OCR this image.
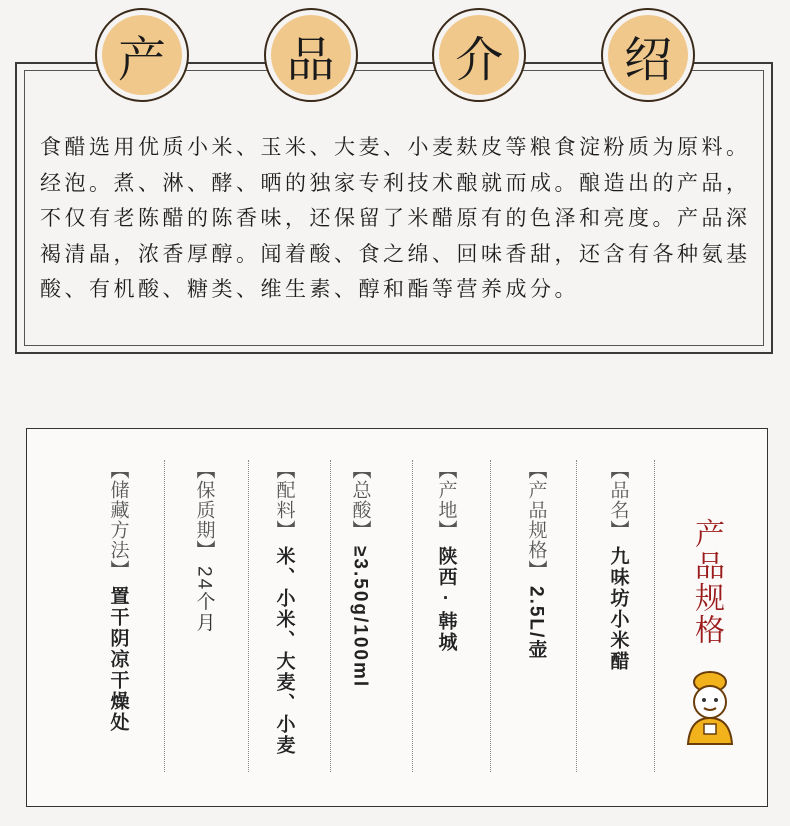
产	品	介	绍

食醋选用优质小米、玉米、大麦、小麦麸皮等粮食淀粉质为原料。经泡。煮、淋、酵、晒的独家专利技术酿就而成。酿造出的产品，不仅有老陈醋的陈香味，还保留了米醋原有的色泽和亮度。产品深褐清晶，浓香厚醇。闻着酸、食之绵、回味香甜，还含有各种氨基酸、有机酸、糖类、维生素、醇和酯等营养成分。

【储藏方法】
置干阴凉干燥处
【保质期】
24个月
【配料】
米、小米、大麦、小麦
【总酸】
≥3.50g/100ml
【产地】
陕西·韩城
【产品规格】
2.5L/壶
【品名】
九味坊小米醋 产品规格
